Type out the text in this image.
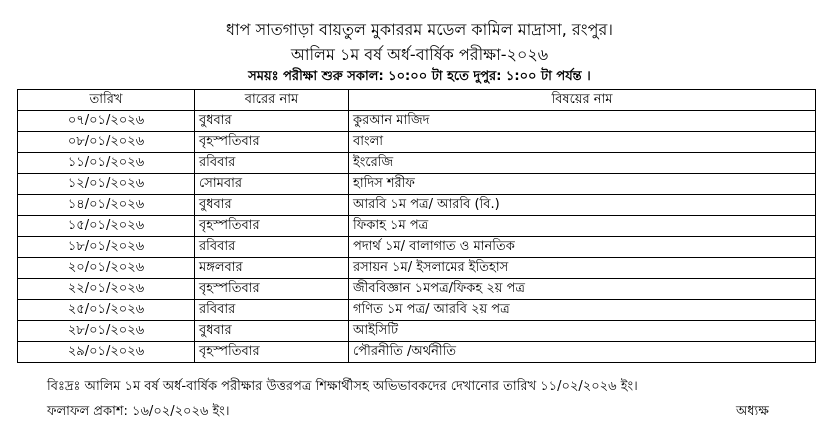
ধাপ সাতগাড়া বায়তুল মুকাররম মডেল কামিল মাদ্রাসা, রংপুর।
আলিম ১ম বর্ষ অর্ধ-বার্ষিক পরীক্ষা-২০২৬
সময়ঃ পরীক্ষা শুরু সকাল: ১০:০০ টা হতে দুপুর: ১:০০ টা পর্যন্ত ।
তারিখ	বারের নাম	বিষয়ের নাম
০৭/০১/২০২৬	বুধবার	কুরআন মাজিদ
০৮/০১/২০২৬	বৃহস্পতিবার	বাংলা
১১/০১/২০২৬	রবিবার	ইংরেজি
১২/০১/২০২৬	সোমবার	হাদিস শরীফ
১৪/০১/২০২৬	বুধবার	আরবি ১ম পত্র/ আরবি (বি.)
১৫/০১/২০২৬	বৃহস্পতিবার	ফিকাহ ১ম পত্র
১৮/০১/২০২৬	রবিবার	পদার্থ ১ম/ বালাগাত ও মানতিক
২০/০১/২০২৬	মঙ্গলবার	রসায়ন ১ম/ ইসলামের ইতিহাস
২২/০১/২০২৬	বৃহস্পতিবার	জীববিজ্ঞান ১মপত্র/ফিকহ ২য় পত্র
২৫/০১/২০২৬	রবিবার	গণিত ১ম পত্র/ আরবি ২য় পত্র
২৮/০১/২০২৬	বুধবার	আইসিটি
২৯/০১/২০২৬	বৃহস্পতিবার	পৌরনীতি /অর্থনীতি
বিঃদ্রঃ আলিম ১ম বর্ষ অর্ধ-বার্ষিক পরীক্ষার উত্তরপত্র শিক্ষার্থীসহ অভিভাবকদের দেখানোর তারিখ ১১/০২/২০২৬ ইং।
ফলাফল প্রকাশ: ১৬/০২/২০২৬ ইং।	অধ্যক্ষ
